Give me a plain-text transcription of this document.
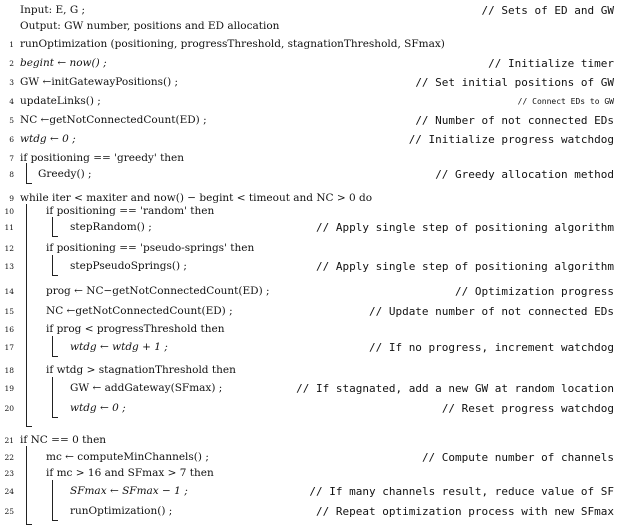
Input: E, G ;	// Sets of ED and GW
Output: GW number, positions and ED allocation
1 runOptimization (positioning, progressThreshold, stagnationThreshold, SFmax)
2 begint ← now() ;	// Initialize timer
3 GW ←initGatewayPositions() ;	// Set initial positions of GW
4 updateLinks() ;	// Connect EDs to GW
5 NC ←getNotConnectedCount(ED) ;	// Number of not connected EDs
6 wtdg ← 0 ;	// Initialize progress watchdog
7 if positioning == 'greedy' then
8 Greedy() ;	// Greedy allocation method
9 while iter < maxiter and now() − begint < timeout and NC > 0 do
10	if positioning == 'random' then
11	stepRandom() ;	// Apply single step of positioning algorithm
12	if positioning == 'pseudo-springs' then
13	stepPseudoSprings() ;	// Apply single step of positioning algorithm
14	prog ← NC−getNotConnectedCount(ED) ;	// Optimization progress
15	NC ←getNotConnectedCount(ED) ;	// Update number of not connected EDs
16	if prog < progressThreshold then
17	wtdg ← wtdg + 1 ;	// If no progress, increment watchdog
18	if wtdg > stagnationThreshold then
19	GW ← addGateway(SFmax) ;	// If stagnated, add a new GW at random location
20	wtdg ← 0 ;	// Reset progress watchdog
21 if NC == 0 then
22	mc ← computeMinChannels() ;	// Compute number of channels
23	if mc > 16 and SFmax > 7 then
24	SFmax ← SFmax − 1 ;	// If many channels result, reduce value of SF
25	runOptimization() ;	// Repeat optimization process with new SFmax
